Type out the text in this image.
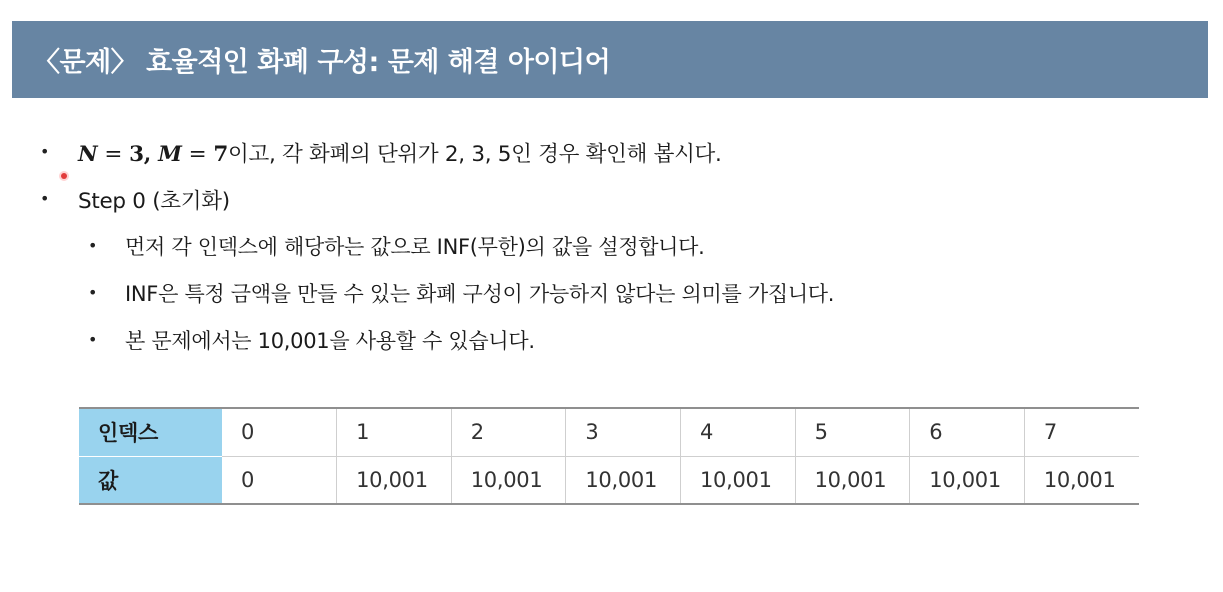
〈문제〉 효율적인 화폐 구성: 문제 해결 아이디어
•	N = 3, M = 7이고, 각 화폐의 단위가 2, 3, 5인 경우 확인해 봅시다.
•	Step 0 (초기화)
•	먼저 각 인덱스에 해당하는 값으로 INF(무한)의 값을 설정합니다.
•	INF은 특정 금액을 만들 수 있는 화폐 구성이 가능하지 않다는 의미를 가집니다.
•	본 문제에서는 10,001을 사용할 수 있습니다.
인덱스	0	1	2	3	4	5	6	7
값	0	10,001	10,001	10,001	10,001	10,001	10,001	10,001
